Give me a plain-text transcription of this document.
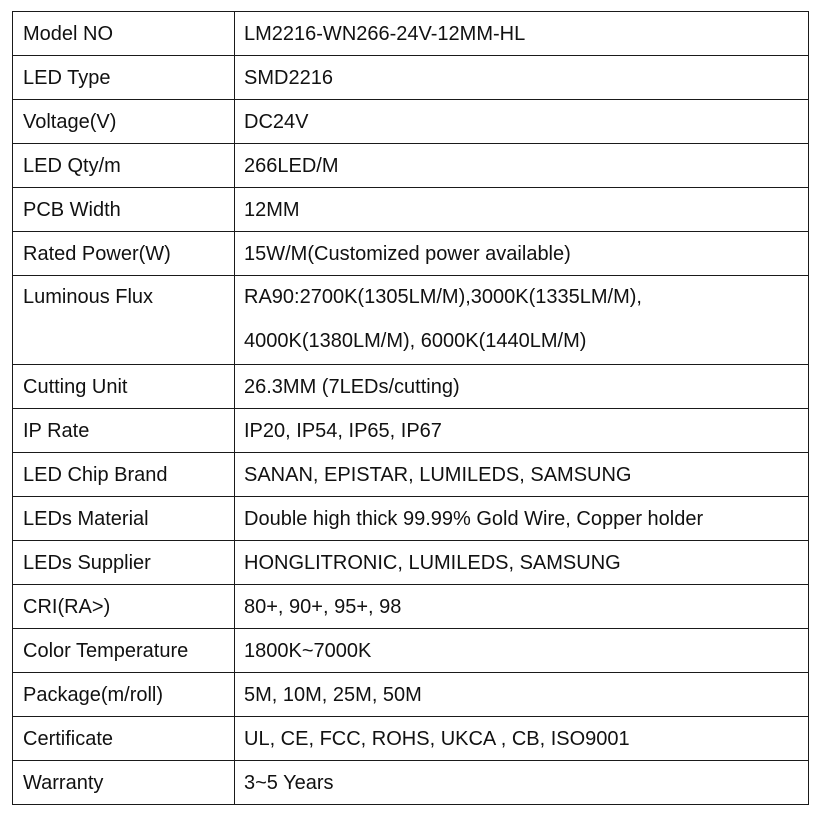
Model NO	LM2216-WN266-24V-12MM-HL
LED Type	SMD2216
Voltage(V)	DC24V
LED Qty/m	266LED/M
PCB Width	12MM
Rated Power(W)	15W/M(Customized power available)
Luminous Flux	RA90:2700K(1305LM/M),3000K(1335LM/M),
4000K(1380LM/M), 6000K(1440LM/M)

Cutting Unit	26.3MM (7LEDs/cutting)
IP Rate	IP20, IP54, IP65, IP67
LED Chip Brand	SANAN, EPISTAR, LUMILEDS, SAMSUNG
LEDs Material	Double high thick 99.99% Gold Wire, Copper holder
LEDs Supplier	HONGLITRONIC, LUMILEDS, SAMSUNG
CRI(RA>)	80+, 90+, 95+, 98
Color Temperature	1800K~7000K
Package(m/roll)	5M, 10M, 25M, 50M
Certificate	UL, CE, FCC, ROHS, UKCA , CB, ISO9001
Warranty	3~5 Years
